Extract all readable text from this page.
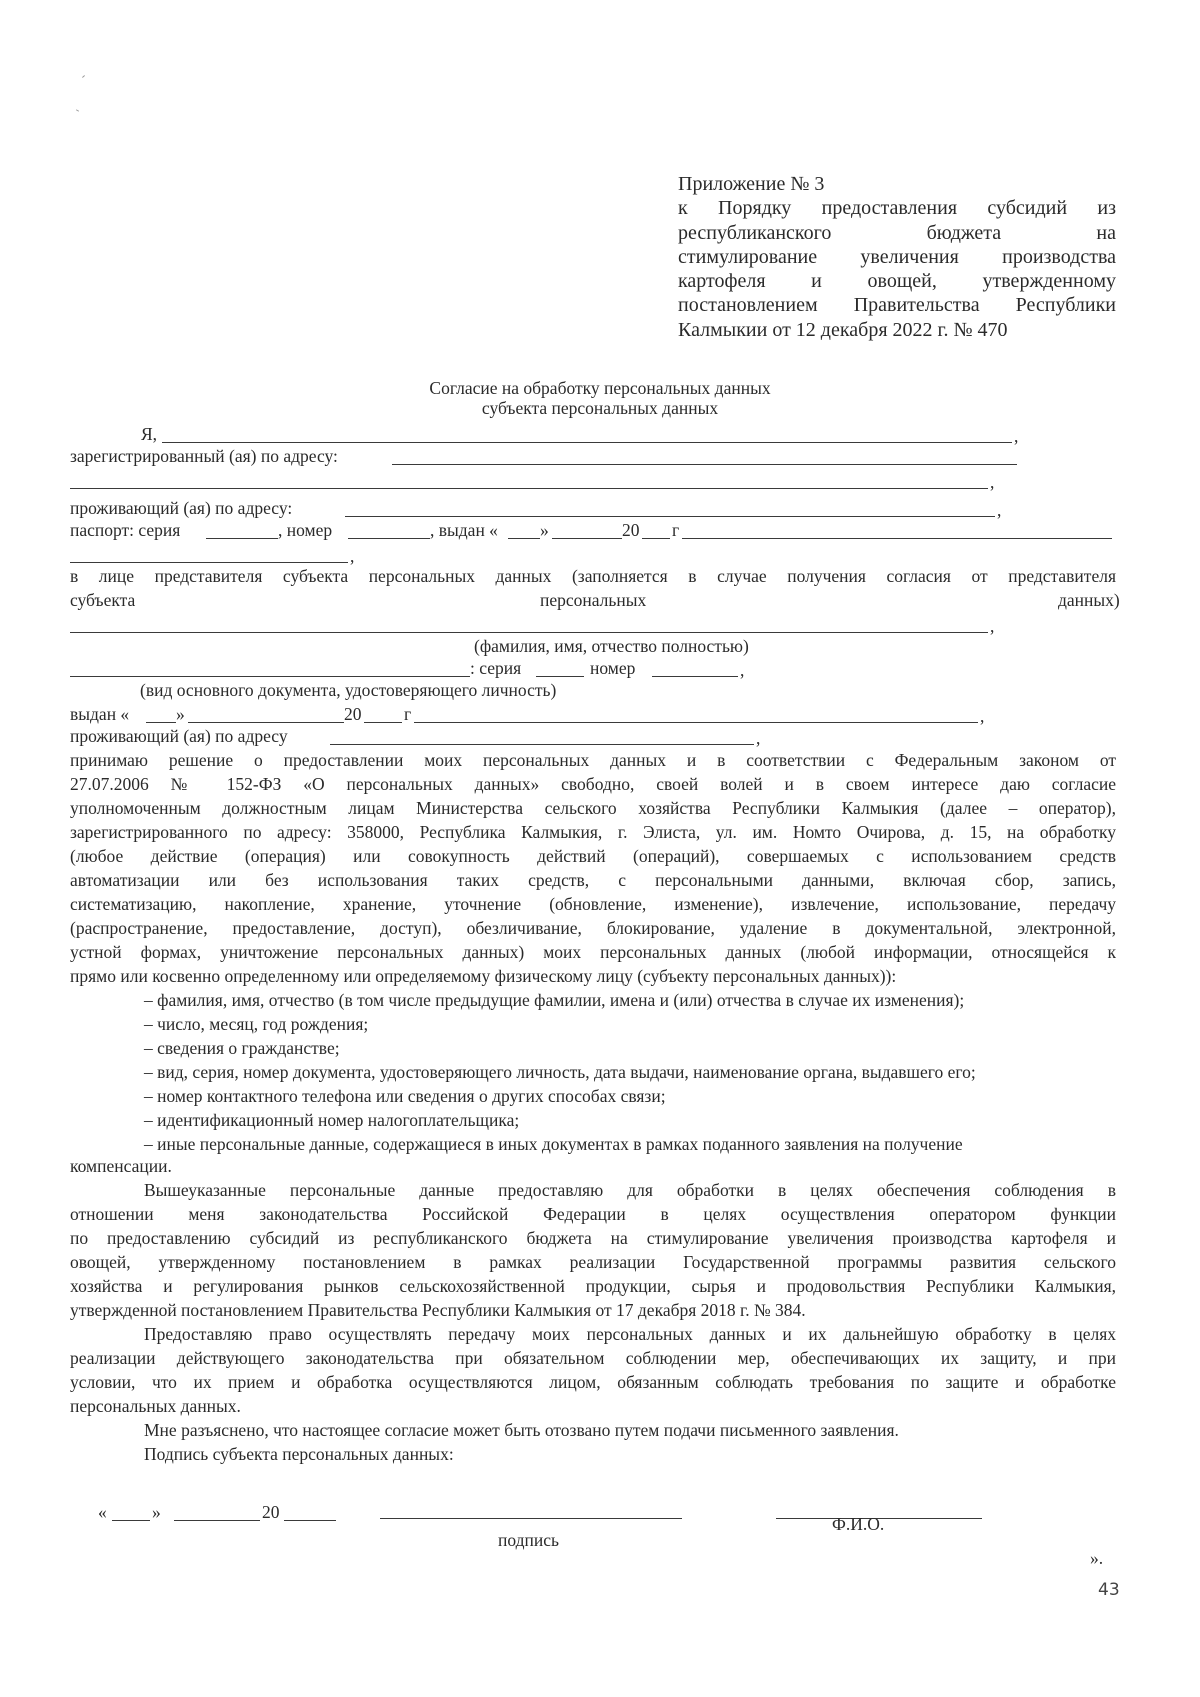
Приложение № 3
к Порядку предоставления субсидий из
республиканского бюджета на
стимулирование увеличения производства
картофеля и овощей, утвержденному
постановлением Правительства Республики
Калмыкии от 12 декабря 2022 г. № 470
Согласие на обработку персональных данных
субъекта персональных данных
Я,	,
зарегистрированный (ая) по адресу:
,
проживающий (ая) по адресу:	,
паспорт: серия	, номер	, выдан « »	20 г
,
в лице представителя субъекта персональных данных (заполняется в случае получения согласия от представителя
субъекта	персональных	данных)
,
(фамилия, имя, отчество полностью)
: серия	номер	,
(вид основного документа, удостоверяющего личность)
выдан «	»	20 г	,
проживающий (ая) по адресу	,
принимаю решение о предоставлении моих персональных данных и в соответствии с Федеральным законом от
27.07.2006 № 152-ФЗ «О персональных данных» свободно, своей волей и в своем интересе даю согласие
уполномоченным должностным лицам Министерства сельского хозяйства Республики Калмыкия (далее – оператор),
зарегистрированного по адресу: 358000, Республика Калмыкия, г. Элиста, ул. им. Номто Очирова, д. 15, на обработку
(любое действие (операция) или совокупность действий (операций), совершаемых с использованием средств
автоматизации или без использования таких средств, с персональными данными, включая сбор, запись,
систематизацию, накопление, хранение, уточнение (обновление, изменение), извлечение, использование, передачу
(распространение, предоставление, доступ), обезличивание, блокирование, удаление в документальной, электронной,
устной формах, уничтожение персональных данных) моих персональных данных (любой информации, относящейся к
прямо или косвенно определенному или определяемому физическому лицу (субъекту персональных данных)):
– фамилия, имя, отчество (в том числе предыдущие фамилии, имена и (или) отчества в случае их изменения);
– число, месяц, год рождения;
– сведения о гражданстве;
– вид, серия, номер документа, удостоверяющего личность, дата выдачи, наименование органа, выдавшего его;
– номер контактного телефона или сведения о других способах связи;
– идентификационный номер налогоплательщика;
– иные персональные данные, содержащиеся в иных документах в рамках поданного заявления на получение
компенсации.
Вышеуказанные персональные данные предоставляю для обработки в целях обеспечения соблюдения в
отношении меня законодательства Российской Федерации в целях осуществления оператором функции
по предоставлению субсидий из республиканского бюджета на стимулирование увеличения производства картофеля и
овощей, утвержденному постановлением в рамках реализации Государственной программы развития сельского
хозяйства и регулирования рынков сельскохозяйственной продукции, сырья и продовольствия Республики Калмыкия,
утвержденной постановлением Правительства Республики Калмыкия от 17 декабря 2018 г. № 384.
Предоставляю право осуществлять передачу моих персональных данных и их дальнейшую обработку в целях
реализации действующего законодательства при обязательном соблюдении мер, обеспечивающих их защиту, и при
условии, что их прием и обработка осуществляются лицом, обязанным соблюдать требования по защите и обработке
персональных данных.
Мне разъяснено, что настоящее согласие может быть отозвано путем подачи письменного заявления.
Подпись субъекта персональных данных:
«	»	20
подпись
Ф.И.О.
».
43
